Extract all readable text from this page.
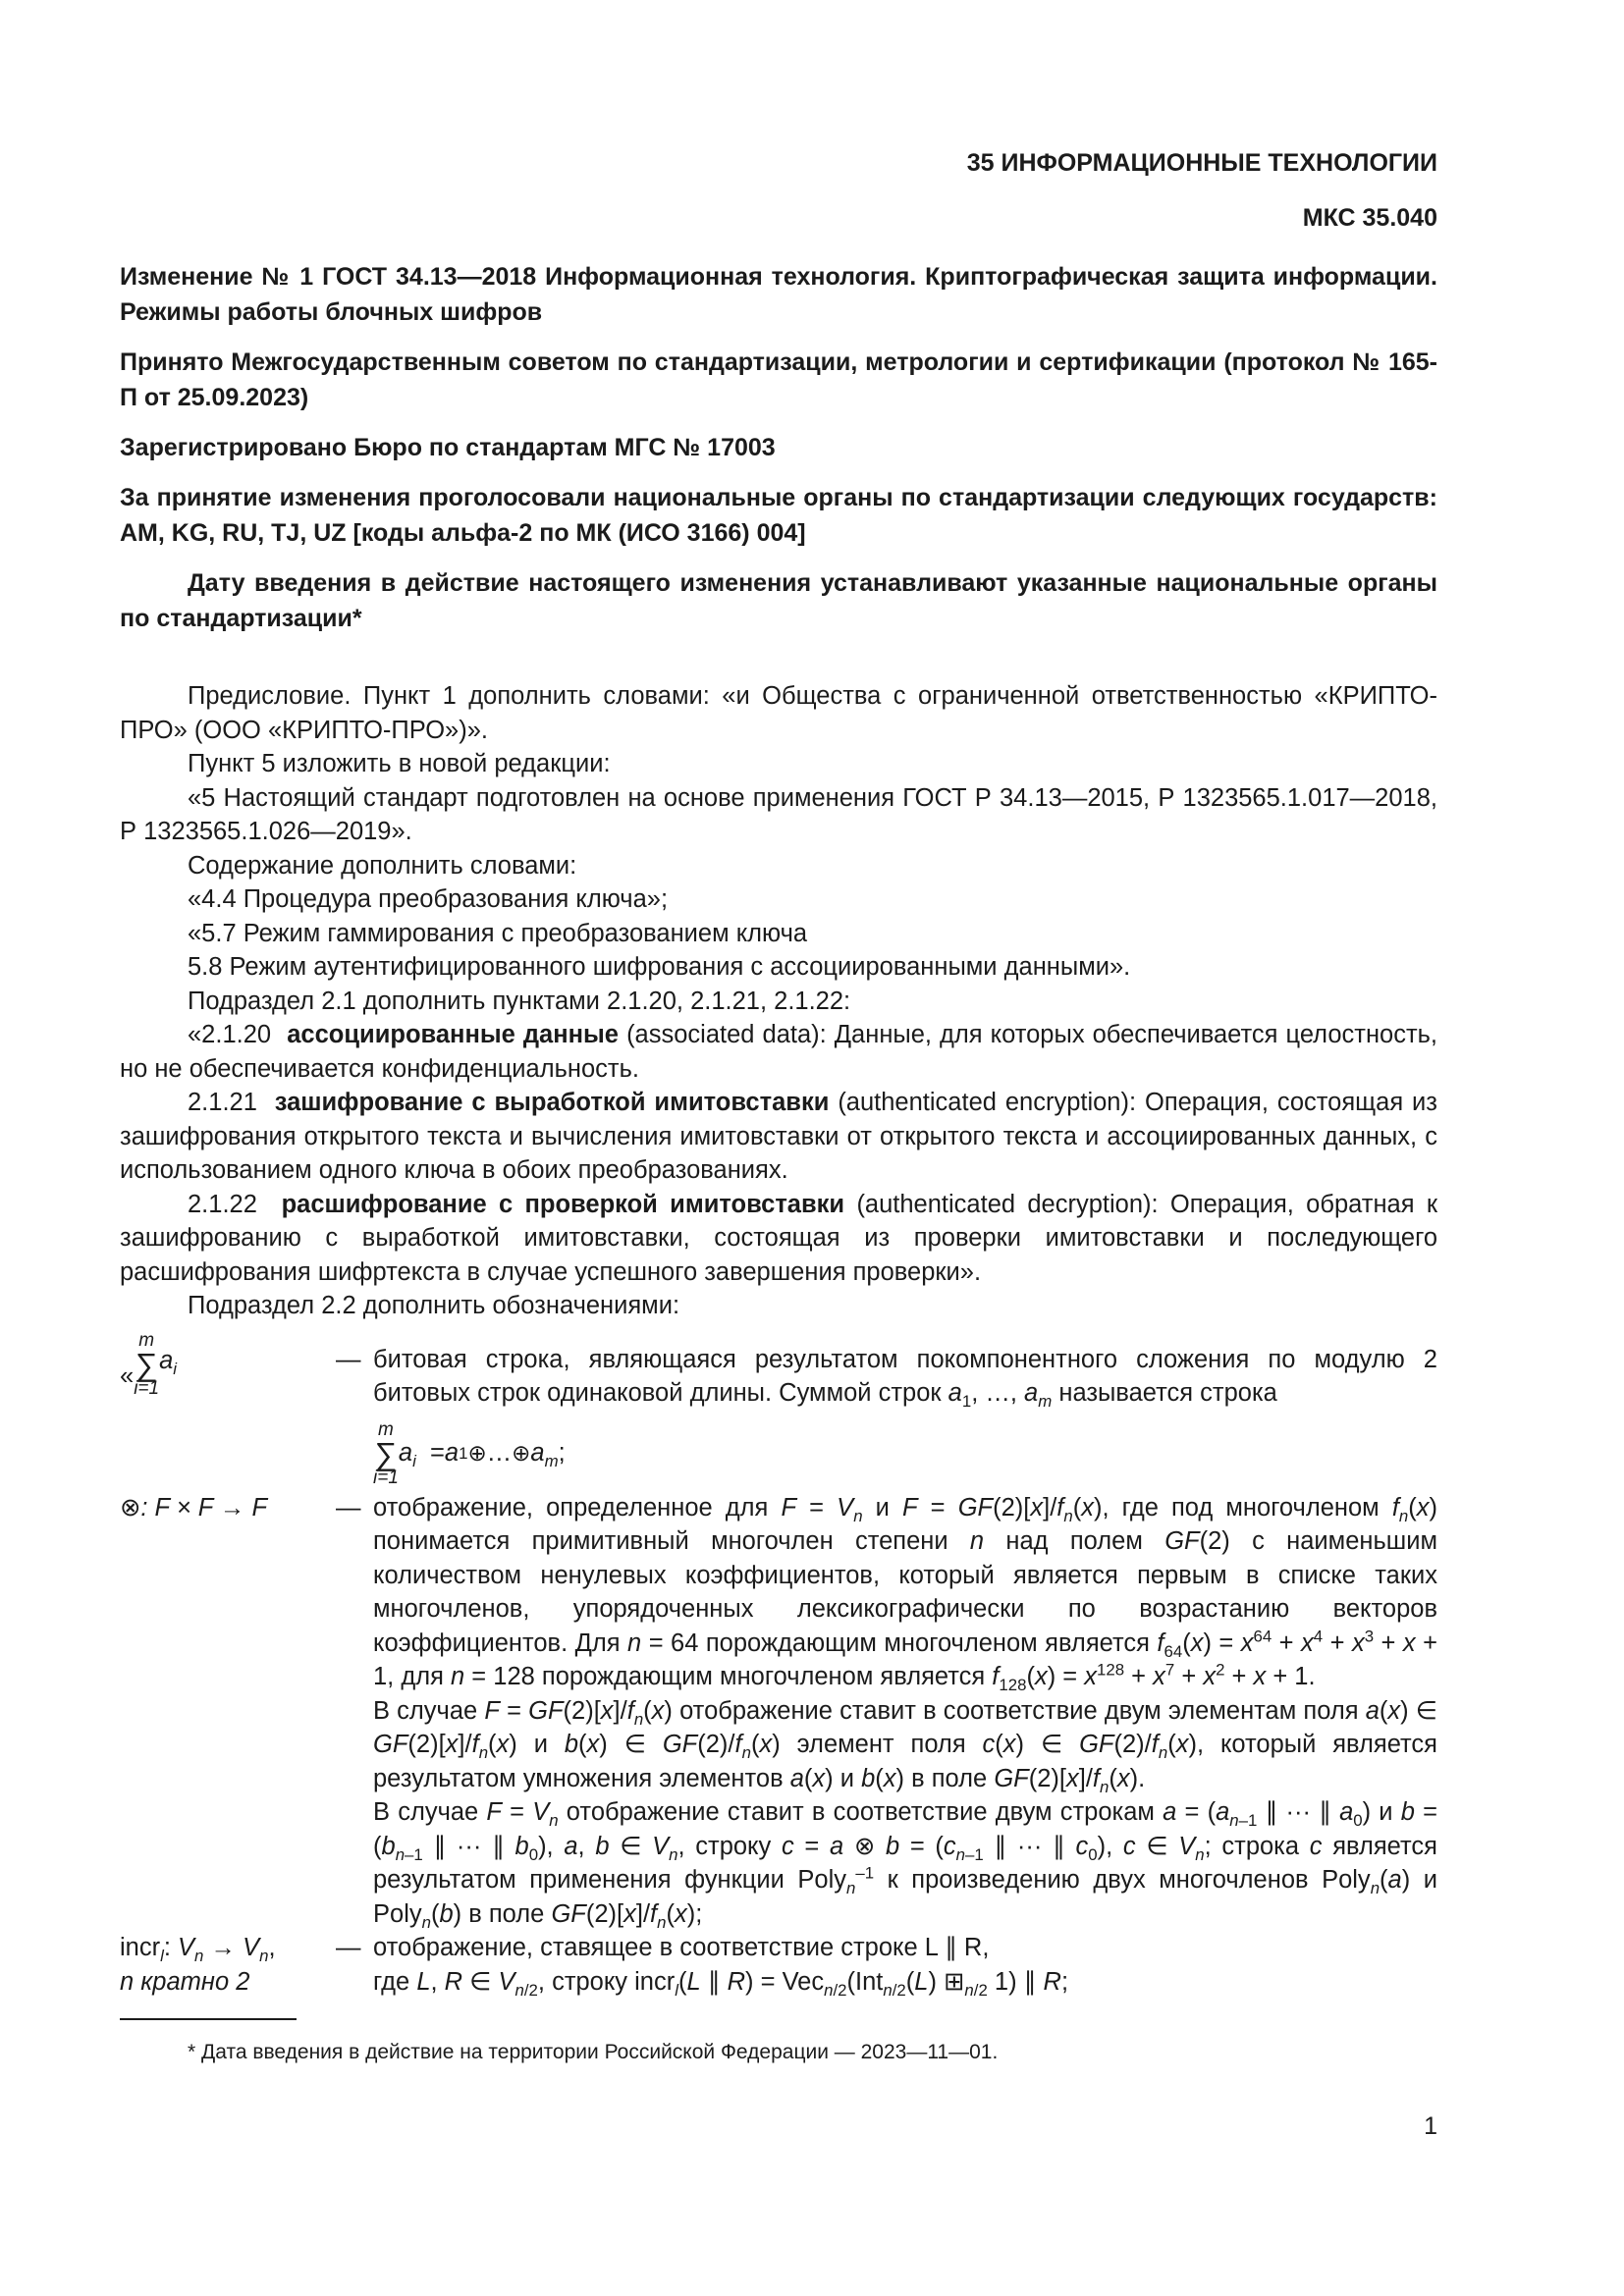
35 ИНФОРМАЦИОННЫЕ ТЕХНОЛОГИИ
МКС 35.040

Изменение № 1 ГОСТ 34.13—2018 Информационная технология. Криптографическая защита информации. Режимы работы блочных шифров

Принято Межгосударственным советом по стандартизации, метрологии и сертификации (протокол № 165-П от 25.09.2023)

Зарегистрировано Бюро по стандартам МГС № 17003

За принятие изменения проголосовали национальные органы по стандартизации следующих государств: AM, KG, RU, TJ, UZ [коды альфа-2 по МК (ИСО 3166) 004]

Дату введения в действие настоящего изменения устанавливают указанные национальные органы по стандартизации*

Предисловие. Пункт 1 дополнить словами: «и Общества с ограниченной ответственностью «КРИПТО-ПРО» (ООО «КРИПТО-ПРО»)».

Пункт 5 изложить в новой редакции:

«5 Настоящий стандарт подготовлен на основе применения ГОСТ Р 34.13—2015, Р 1323565.1.017—2018, Р 1323565.1.026—2019».

Содержание дополнить словами:

«4.4 Процедура преобразования ключа»;

«5.7 Режим гаммирования с преобразованием ключа

5.8 Режим аутентифицированного шифрования с ассоциированными данными».

Подраздел 2.1 дополнить пунктами 2.1.20, 2.1.21, 2.1.22:

«2.1.20 ассоциированные данные (associated data): Данные, для которых обеспечивается целостность, но не обеспечивается конфиденциальность.

2.1.21 зашифрование с выработкой имитовставки (authenticated encryption): Операция, состоящая из зашифрования открытого текста и вычисления имитовставки от открытого текста и ассоциированных данных, с использованием одного ключа в обоих преобразованиях.

2.1.22 расшифрование с проверкой имитовставки (authenticated decryption): Операция, обратная к зашифрованию с выработкой имитовставки, состоящая из проверки имитовставки и последующего расшифрования шифртекста в случае успешного завершения проверки».

Подраздел 2.2 дополнить обозначениями:

«
m
∑
i=1
$a_i$	— битовая строка, являющаяся результатом покомпонентного сложения по модулю 2 битовых строк одинаковой длины. Суммой строк $a_1$, …, $a_m$ называется строка

m
∑
i=1
$a_i = a$ 1 ⊕ … ⊕ $a_m$ ;
⊗: F × F → F	— отображение, определенное для $F = V_n$ и $F = GF(2)[x]/f_n(x)$, где под многочленом $f_n(x)$ понимается примитивный многочлен степени n над полем GF(2) с наименьшим количеством ненулевых коэффициентов, который является первым в списке таких многочленов, упорядоченных лексикографически по возрастанию векторов коэффициентов. Для n = 64 порождающим многочленом является $f_{64}(x) = x^{64} + x^4 + x^3 + x + 1$, для n = 128 порождающим многочленом является $f_{128}(x) = x^{128} + x^7 + x^2 + x + 1$.
В случае $F = GF(2)[x]/f_n(x)$ отображение ставит в соответствие двум элементам поля a(x) ∈ $GF(2)[x]/f_n(x)$ и b(x) ∈ $GF(2)/f_n(x)$ элемент поля c(x) ∈ $GF(2)/f_n(x)$, который является результатом умножения элементов a(x) и b(x) в поле $GF(2)[x]/f_n(x)$.
В случае $F = V_n$ отображение ставит в соответствие двум строкам $a = (a_{n-1}$ ∥ ··· ∥ $a_0$) и $b = (b_{n-1}$ ∥ ··· ∥ $b_0$), a, b ∈ $V_n$, строку c = a ⊗ $b = (c_{n-1}$ ∥ ··· ∥ $c_0$), c ∈ $V_n$; строка c является результатом применения функции Poly$_n^{-1}$ к произведению двух многочленов Poly$_n$(a) и Poly$_n$(b) в поле $GF(2)[x]/f_n(x)$;
incr$_l$: $V_n \to V_n$,
n кратно 2
— отображение, ставящее в соответствие строке L ∥ R,
где L, R ∈ $V_{n/2}$, строку incr$_l$(L ∥ R) = Vec$_{n/2}$(Int$_{n/2}$(L) $⊞_{n/2}$ 1) ∥ R;
* Дата введения в действие на территории Российской Федерации — 2023—11—01.
1
